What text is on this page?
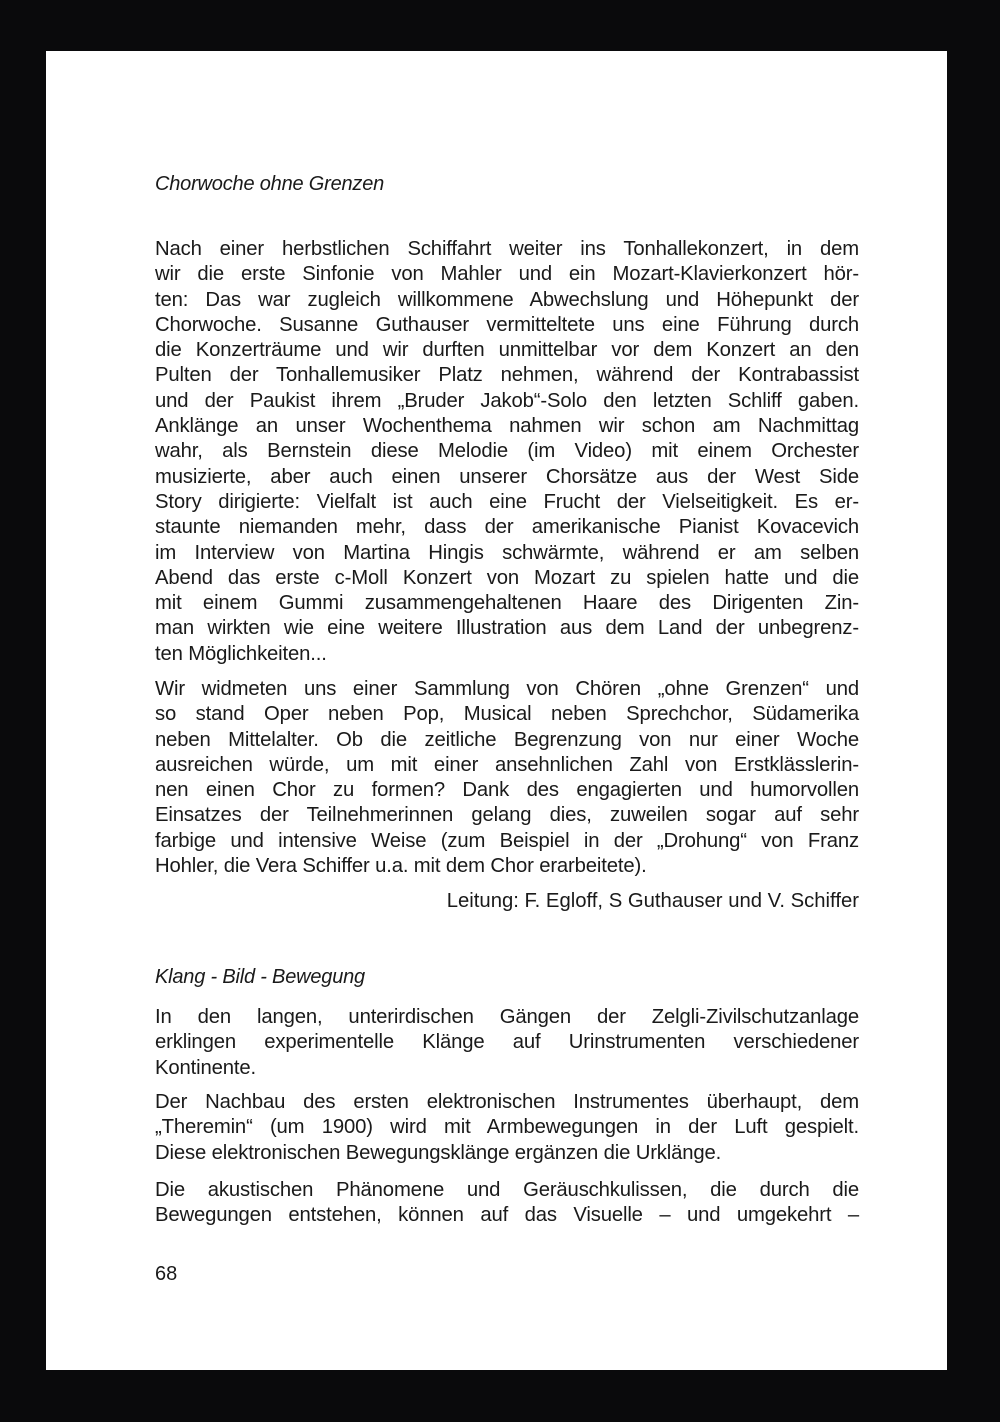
Chorwoche ohne Grenzen
Nach einer herbstlichen Schiffahrt weiter ins Tonhallekonzert, in dem
wir die erste Sinfonie von Mahler und ein Mozart-Klavierkonzert hör-
ten: Das war zugleich willkommene Abwechslung und Höhepunkt der
Chorwoche. Susanne Guthauser vermitteltete uns eine Führung durch
die Konzerträume und wir durften unmittelbar vor dem Konzert an den
Pulten der Tonhallemusiker Platz nehmen, während der Kontrabassist
und der Paukist ihrem „Bruder Jakob“-Solo den letzten Schliff gaben.
Anklänge an unser Wochenthema nahmen wir schon am Nachmittag
wahr, als Bernstein diese Melodie (im Video) mit einem Orchester
musizierte, aber auch einen unserer Chorsätze aus der West Side
Story dirigierte: Vielfalt ist auch eine Frucht der Vielseitigkeit. Es er-
staunte niemanden mehr, dass der amerikanische Pianist Kovacevich
im Interview von Martina Hingis schwärmte, während er am selben
Abend das erste c-Moll Konzert von Mozart zu spielen hatte und die
mit einem Gummi zusammengehaltenen Haare des Dirigenten Zin-
man wirkten wie eine weitere Illustration aus dem Land der unbegrenz-
ten Möglichkeiten...
Wir widmeten uns einer Sammlung von Chören „ohne Grenzen“ und
so stand Oper neben Pop, Musical neben Sprechchor, Südamerika
neben Mittelalter. Ob die zeitliche Begrenzung von nur einer Woche
ausreichen würde, um mit einer ansehnlichen Zahl von Erstklässlerin-
nen einen Chor zu formen? Dank des engagierten und humorvollen
Einsatzes der Teilnehmerinnen gelang dies, zuweilen sogar auf sehr
farbige und intensive Weise (zum Beispiel in der „Drohung“ von Franz
Hohler, die Vera Schiffer u.a. mit dem Chor erarbeitete).

Leitung: F. Egloff, S Guthauser und V. Schiffer

Klang - Bild - Bewegung
In den langen, unterirdischen Gängen der Zelgli-Zivilschutzanlage
erklingen experimentelle Klänge auf Urinstrumenten verschiedener
Kontinente.
Der Nachbau des ersten elektronischen Instrumentes überhaupt, dem
„Theremin“ (um 1900) wird mit Armbewegungen in der Luft gespielt.
Diese elektronischen Bewegungsklänge ergänzen die Urklänge.
Die akustischen Phänomene und Geräuschkulissen, die durch die
Bewegungen entstehen, können auf das Visuelle – und umgekehrt –
68
